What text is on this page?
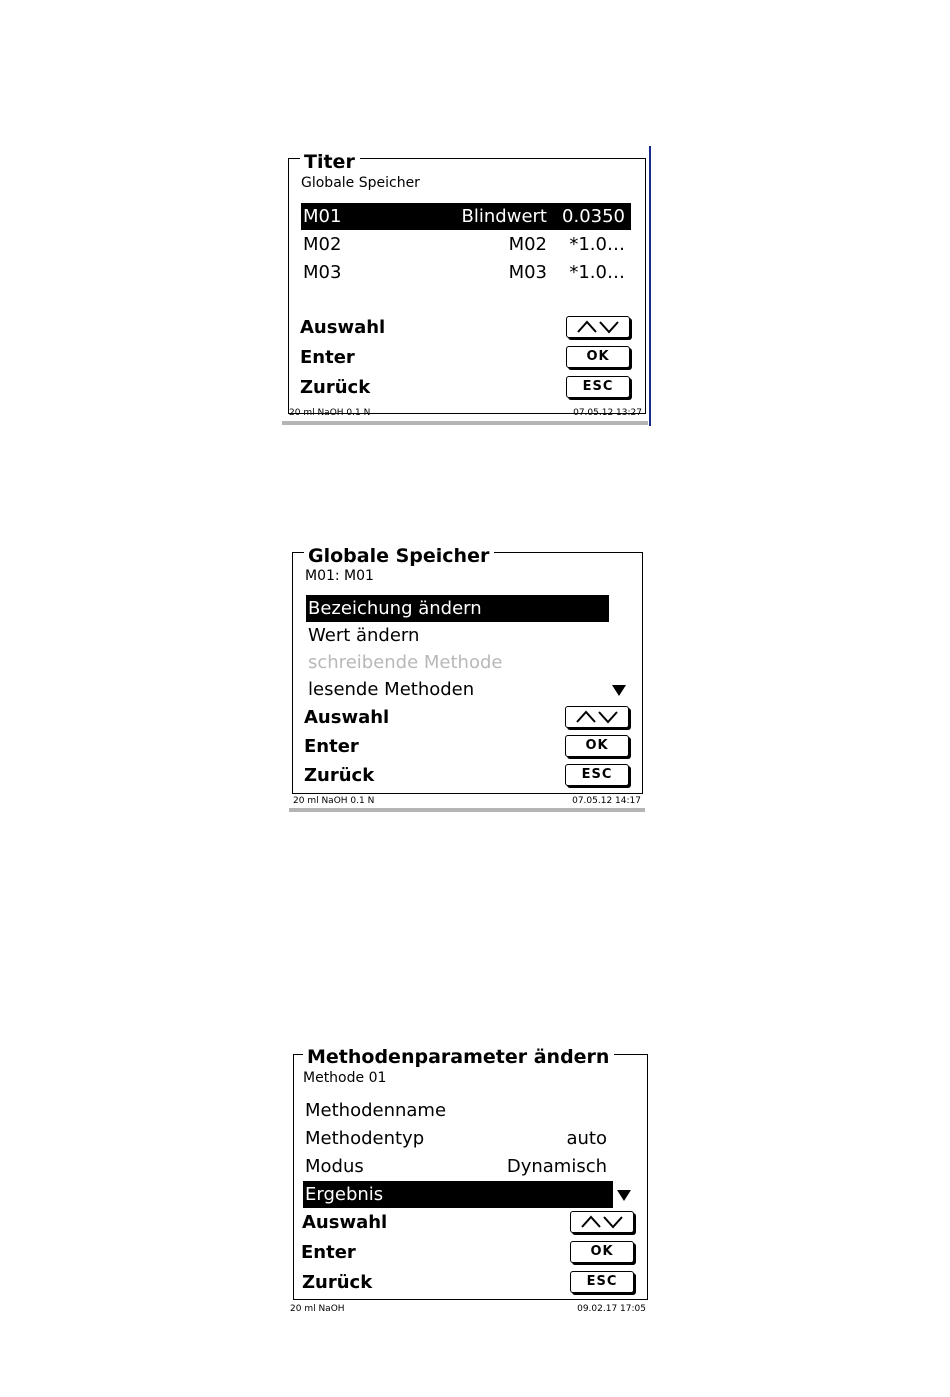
Titer
Globale Speicher
M01	Blindwert 0.0350
M02	M02 *1.0…
M03	M03 *1.0…
Auswahl
Enter	OK
Zurück	ESC
20 ml NaOH 0.1 N	07.05.12 13:27
Globale Speicher
M01: M01
Bezeichung ändern
Wert ändern
schreibende Methode
lesende Methoden
Auswahl
Enter	OK
Zurück	ESC
20 ml NaOH 0.1 N	07.05.12 14:17
Methodenparameter ändern
Methode 01
Methodenname
Methodentyp	auto
Modus	Dynamisch
Ergebnis
Auswahl
Enter	OK
Zurück	ESC
20 ml NaOH	09.02.17 17:05
